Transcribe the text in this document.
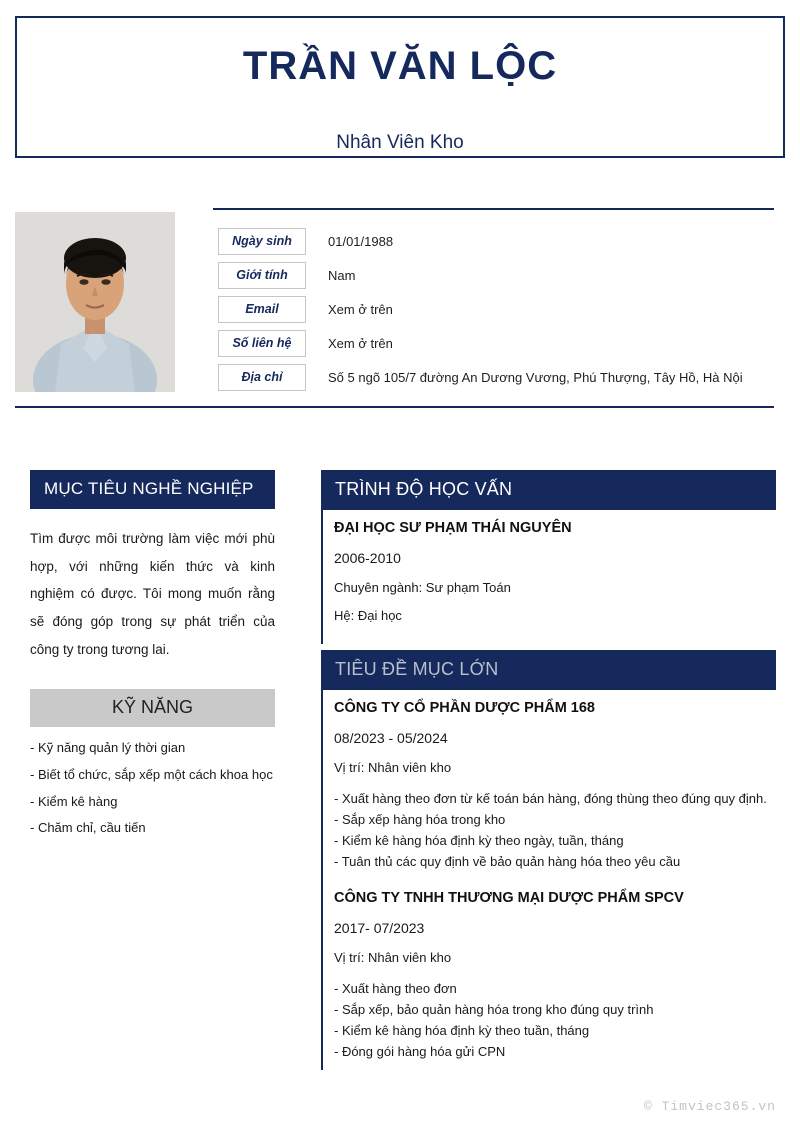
TRẦN VĂN LỘC
Nhân Viên Kho
Ngày sinh	01/01/1988
Giới tính	Nam
Email	Xem ở trên
Số liên hệ	Xem ở trên
Địa chỉ	Số 5 ngõ 105/7 đường An Dương Vương, Phú Thượng, Tây Hồ, Hà Nội
MỤC TIÊU NGHỀ NGHIỆP
Tìm được môi trường làm việc mới phù hợp, với những kiến thức và kinh nghiệm có được. Tôi mong muốn rằng sẽ đóng góp trong sự phát triển của công ty trong tương lai.
KỸ NĂNG
- Kỹ năng quản lý thời gian
- Biết tổ chức, sắp xếp một cách khoa học
- Kiểm kê hàng
- Chăm chỉ, cầu tiến
TRÌNH ĐỘ HỌC VẤN
ĐẠI HỌC SƯ PHẠM THÁI NGUYÊN
2006-2010
Chuyên ngành: Sư phạm Toán
Hệ: Đại học
TIÊU ĐỀ MỤC LỚN
CÔNG TY CỔ PHẦN DƯỢC PHẨM 168
08/2023 - 05/2024
Vị trí: Nhân viên kho
- Xuất hàng theo đơn từ kế toán bán hàng, đóng thùng theo đúng quy định.
- Sắp xếp hàng hóa trong kho
- Kiểm kê hàng hóa định kỳ theo ngày, tuần, tháng
- Tuân thủ các quy định về bảo quản hàng hóa theo yêu cầu
CÔNG TY TNHH THƯƠNG MẠI DƯỢC PHẨM SPCV
2017- 07/2023
Vị trí: Nhân viên kho
- Xuất hàng theo đơn
- Sắp xếp, bảo quản hàng hóa trong kho đúng quy trình
- Kiểm kê hàng hóa định kỳ theo tuần, tháng
- Đóng gói hàng hóa gửi CPN
© Timviec365.vn
